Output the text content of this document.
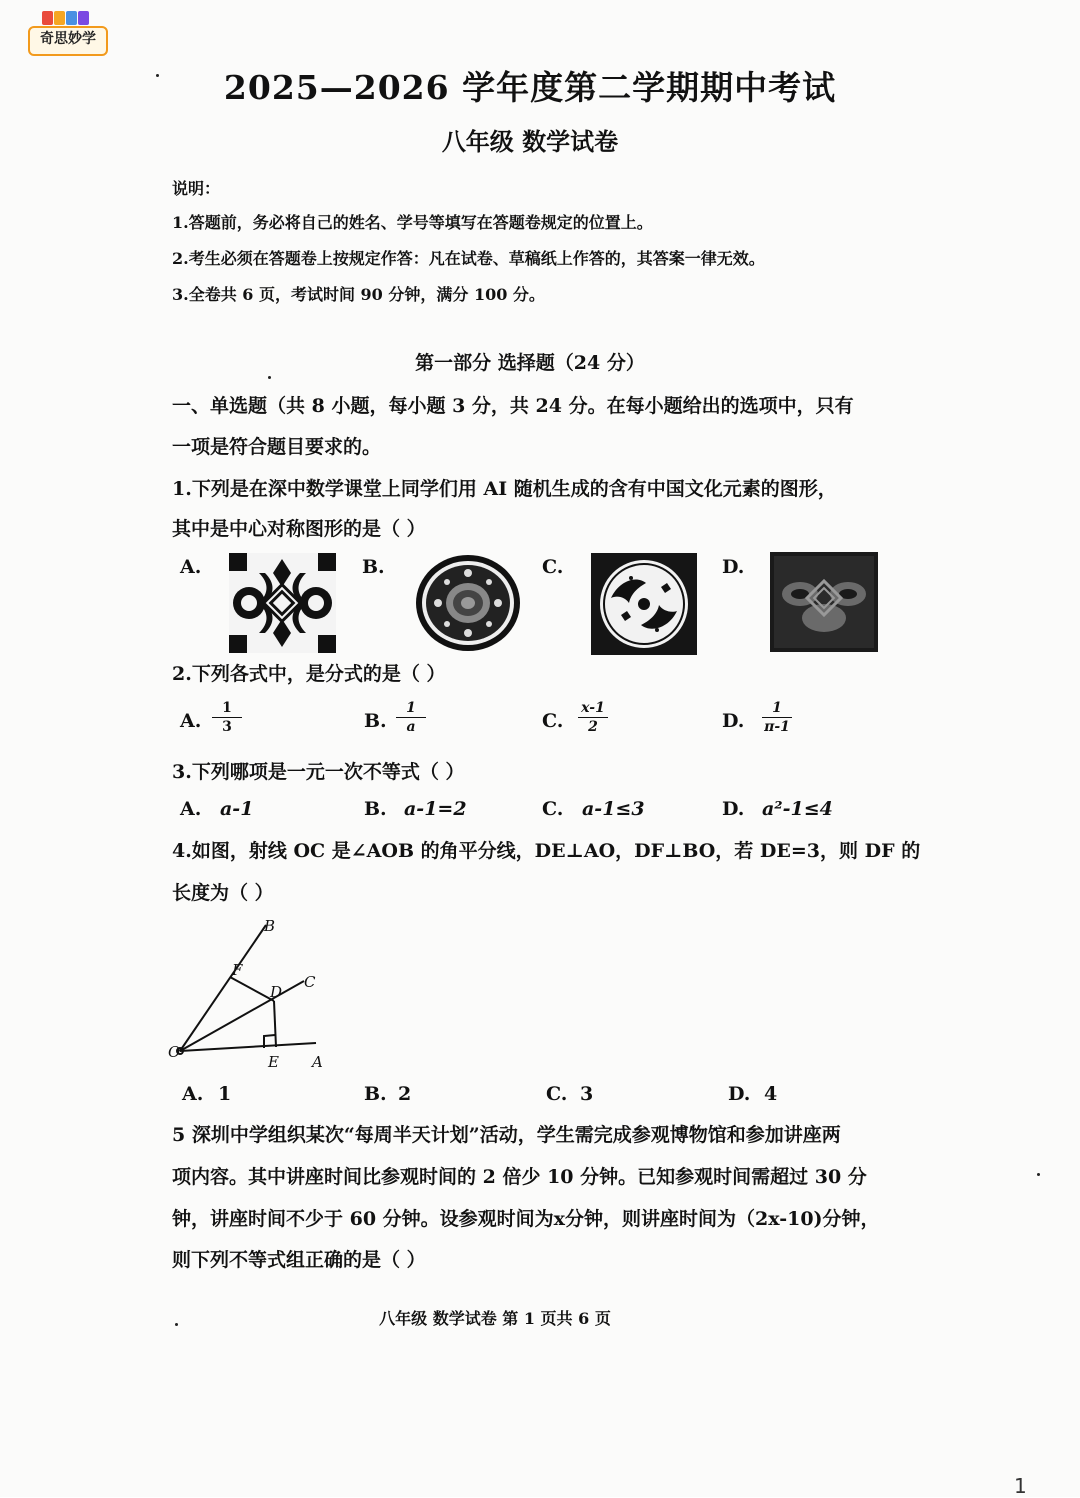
奇思妙学
2025—2026 学年度第二学期期中考试
八年级 数学试卷
说明：
1.答题前，务必将自己的姓名、学号等填写在答题卷规定的位置上。
2.考生必须在答题卷上按规定作答：凡在试卷、草稿纸上作答的，其答案一律无效。
3.全卷共 6 页，考试时间 90 分钟，满分 100 分。
第一部分 选择题（24 分）
一、单选题（共 8 小题，每小题 3 分，共 24 分。在每小题给出的选项中，只有
一项是符合题目要求的。
1.下列是在深中数学课堂上同学们用 AI 随机生成的含有中国文化元素的图形，
其中是中心对称图形的是（ ）
A.	B.	C.	D.
2.下列各式中，是分式的是（ ）
A. $\frac{1}{3}$	B. $\frac{1}{a}$	C. $\frac{x-1}{2}$	D. $\frac{1}{\pi-1}$
3.下列哪项是一元一次不等式（ ）
A. a-1	B. a-1=2	C. a-1≤3	D. a²-1≤4
4.如图，射线 OC 是∠AOB 的角平分线，DE⊥AO，DF⊥BO，若 DE=3，则 DF 的
长度为（ ）
B
F
D
C
O
E A
A. 1	B. 2	C. 3	D. 4
5 深圳中学组织某次“每周半天计划”活动，学生需完成参观博物馆和参加讲座两
项内容。其中讲座时间比参观时间的 2 倍少 10 分钟。已知参观时间需超过 30 分
钟，讲座时间不少于 60 分钟。设参观时间为x分钟，则讲座时间为（2x-10)分钟，
则下列不等式组正确的是（ ）
八年级 数学试卷 第 1 页共 6 页
1
